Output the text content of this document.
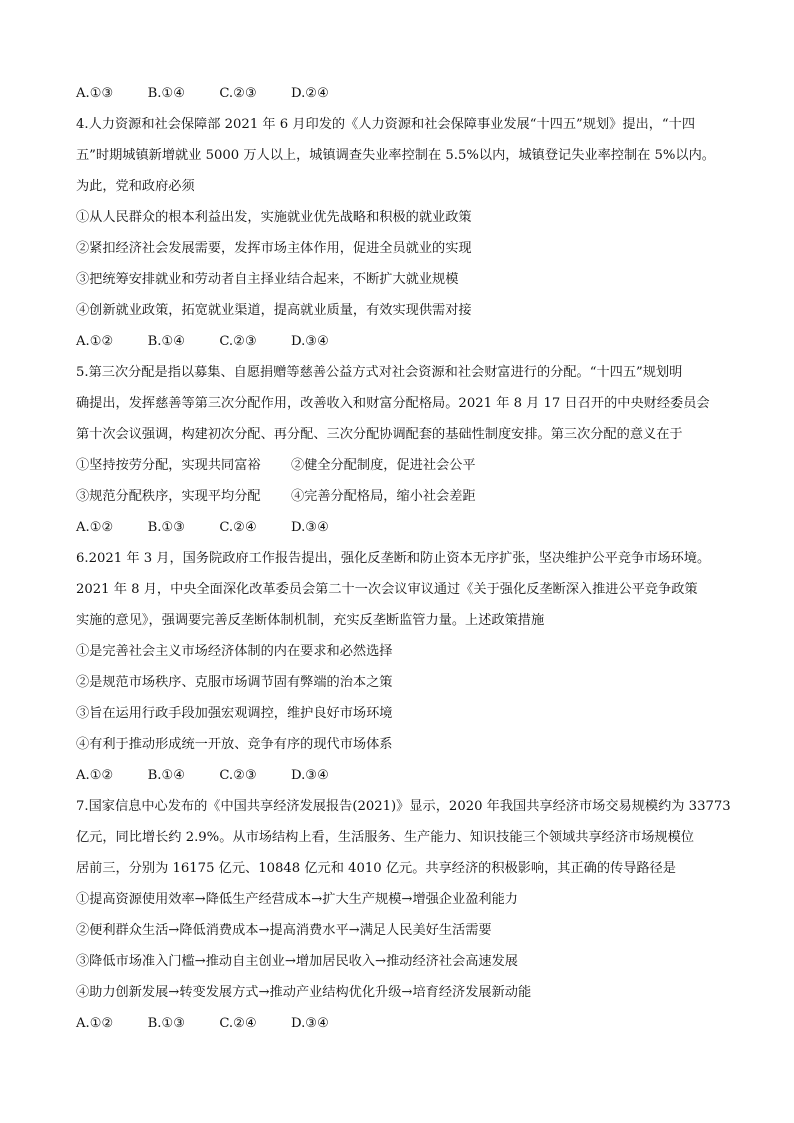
A.①③	B.①④	C.②③	D.②④
4.人力资源和社会保障部 2021 年 6 月印发的《人力资源和社会保障事业发展“十四五”规划》提出，“十四
五”时期城镇新增就业 5000 万人以上，城镇调查失业率控制在 5.5%以内，城镇登记失业率控制在 5%以内。
为此，党和政府必须
①从人民群众的根本利益出发，实施就业优先战略和积极的就业政策
②紧扣经济社会发展需要，发挥市场主体作用，促进全员就业的实现
③把统筹安排就业和劳动者自主择业结合起来，不断扩大就业规模
④创新就业政策，拓宽就业渠道，提高就业质量，有效实现供需对接
A.①②	B.①④	C.②③	D.③④
5.第三次分配是指以募集、自愿捐赠等慈善公益方式对社会资源和社会财富进行的分配。“十四五”规划明
确提出，发挥慈善等第三次分配作用，改善收入和财富分配格局。2021 年 8 月 17 日召开的中央财经委员会
第十次会议强调，构建初次分配、再分配、三次分配协调配套的基础性制度安排。第三次分配的意义在于
①坚持按劳分配，实现共同富裕 ②健全分配制度，促进社会公平
③规范分配秩序，实现平均分配 ④完善分配格局，缩小社会差距
A.①②	B.①③	C.②④	D.③④
6.2021 年 3 月，国务院政府工作报告提出，强化反垄断和防止资本无序扩张，坚决维护公平竞争市场环境。
2021 年 8 月，中央全面深化改革委员会第二十一次会议审议通过《关于强化反垄断深入推进公平竞争政策
实施的意见》，强调要完善反垄断体制机制，充实反垄断监管力量。上述政策措施
①是完善社会主义市场经济体制的内在要求和必然选择
②是规范市场秩序、克服市场调节固有弊端的治本之策
③旨在运用行政手段加强宏观调控，维护良好市场环境
④有利于推动形成统一开放、竞争有序的现代市场体系
A.①②	B.①④	C.②③	D.③④
7.国家信息中心发布的《中国共享经济发展报告(2021)》显示，2020 年我国共享经济市场交易规模约为 33773
亿元，同比增长约 2.9%。从市场结构上看，生活服务、生产能力、知识技能三个领域共享经济市场规模位
居前三，分别为 16175 亿元、10848 亿元和 4010 亿元。共享经济的积极影响，其正确的传导路径是
①提高资源使用效率→降低生产经营成本→扩大生产规模→增强企业盈利能力
②便利群众生活→降低消费成本→提高消费水平→满足人民美好生活需要
③降低市场准入门槛→推动自主创业→增加居民收入→推动经济社会高速发展
④助力创新发展→转变发展方式→推动产业结构优化升级→培育经济发展新动能
A.①②	B.①③	C.②④	D.③④
